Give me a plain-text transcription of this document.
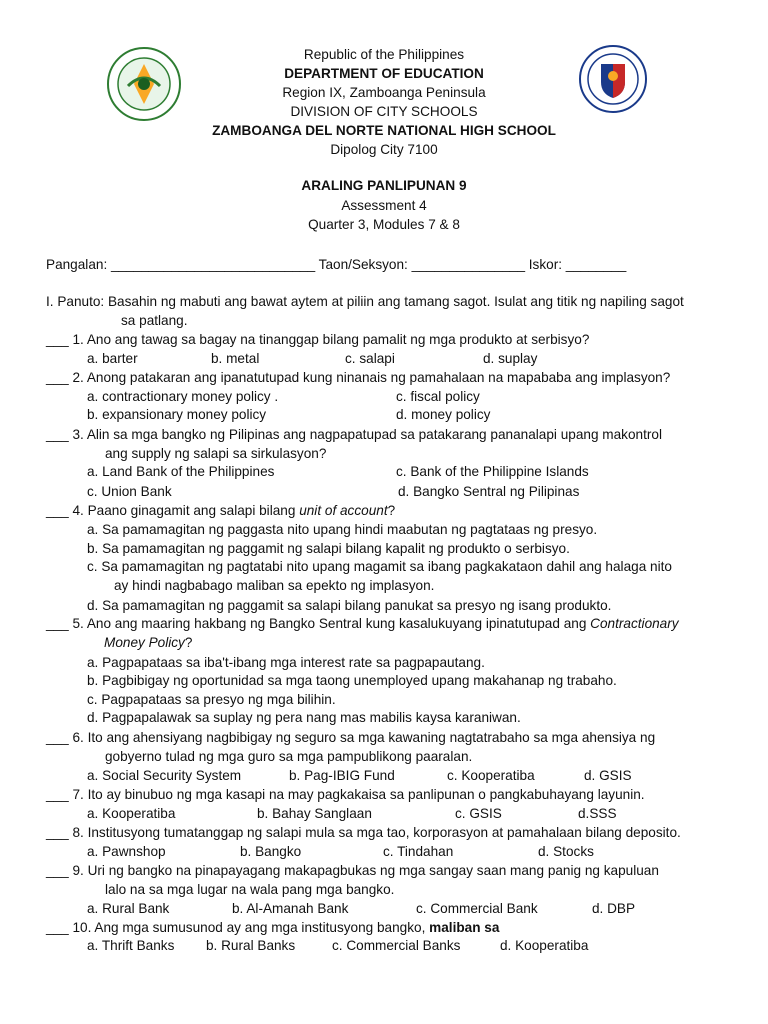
Republic of the Philippines
DEPARTMENT OF EDUCATION
Region IX, Zamboanga Peninsula
DIVISION OF CITY SCHOOLS
ZAMBOANGA DEL NORTE NATIONAL HIGH SCHOOL
Dipolog City 7100
ARALING PANLIPUNAN 9
Assessment 4
Quarter 3, Modules 7 & 8
Pangalan: ___________________________ Taon/Seksyon: _______________ Iskor: ________
I. Panuto: Basahin ng mabuti ang bawat aytem at piliin ang tamang sagot. Isulat ang titik ng napiling sagot
sa patlang.
___ 1. Ano ang tawag sa bagay na tinanggap bilang pamalit ng mga produkto at serbisyo?
a. barter	b. metal	c. salapi	d. suplay
___ 2. Anong patakaran ang ipanatutupad kung ninanais ng pamahalaan na mapababa ang implasyon?
a. contractionary money policy .	c. fiscal policy
b. expansionary money policy	d. money policy
___ 3. Alin sa mga bangko ng Pilipinas ang nagpapatupad sa patakarang pananalapi upang makontrol
ang supply ng salapi sa sirkulasyon?
a. Land Bank of the Philippines	c. Bank of the Philippine Islands
c. Union Bank	d. Bangko Sentral ng Pilipinas
___ 4. Paano ginagamit ang salapi bilang unit of account?
a. Sa pamamagitan ng paggasta nito upang hindi maabutan ng pagtataas ng presyo.
b. Sa pamamagitan ng paggamit ng salapi bilang kapalit ng produkto o serbisyo.
c. Sa pamamagitan ng pagtatabi nito upang magamit sa ibang pagkakataon dahil ang halaga nito
ay hindi nagbabago maliban sa epekto ng implasyon.
d. Sa pamamagitan ng paggamit sa salapi bilang panukat sa presyo ng isang produkto.
___ 5. Ano ang maaring hakbang ng Bangko Sentral kung kasalukuyang ipinatutupad ang Contractionary
Money Policy?
a. Pagpapataas sa iba't-ibang mga interest rate sa pagpapautang.
b. Pagbibigay ng oportunidad sa mga taong unemployed upang makahanap ng trabaho.
c. Pagpapataas sa presyo ng mga bilihin.
d. Pagpapalawak sa suplay ng pera nang mas mabilis kaysa karaniwan.
___ 6. Ito ang ahensiyang nagbibigay ng seguro sa mga kawaning nagtatrabaho sa mga ahensiya ng
gobyerno tulad ng mga guro sa mga pampublikong paaralan.
a. Social Security System	b. Pag-IBIG Fund	c. Kooperatiba	d. GSIS
___ 7. Ito ay binubuo ng mga kasapi na may pagkakaisa sa panlipunan o pangkabuhayang layunin.
a. Kooperatiba	b. Bahay Sanglaan	c. GSIS	d.SSS
___ 8. Institusyong tumatanggap ng salapi mula sa mga tao, korporasyon at pamahalaan bilang deposito.
a. Pawnshop	b. Bangko	c. Tindahan	d. Stocks
___ 9. Uri ng bangko na pinapayagang makapagbukas ng mga sangay saan mang panig ng kapuluan
lalo na sa mga lugar na wala pang mga bangko.
a. Rural Bank	b. Al-Amanah Bank	c. Commercial Bank	d. DBP
___ 10. Ang mga sumusunod ay ang mga institusyong bangko, maliban sa
a. Thrift Banks b. Rural Banks	c. Commercial Banks	d. Kooperatiba
